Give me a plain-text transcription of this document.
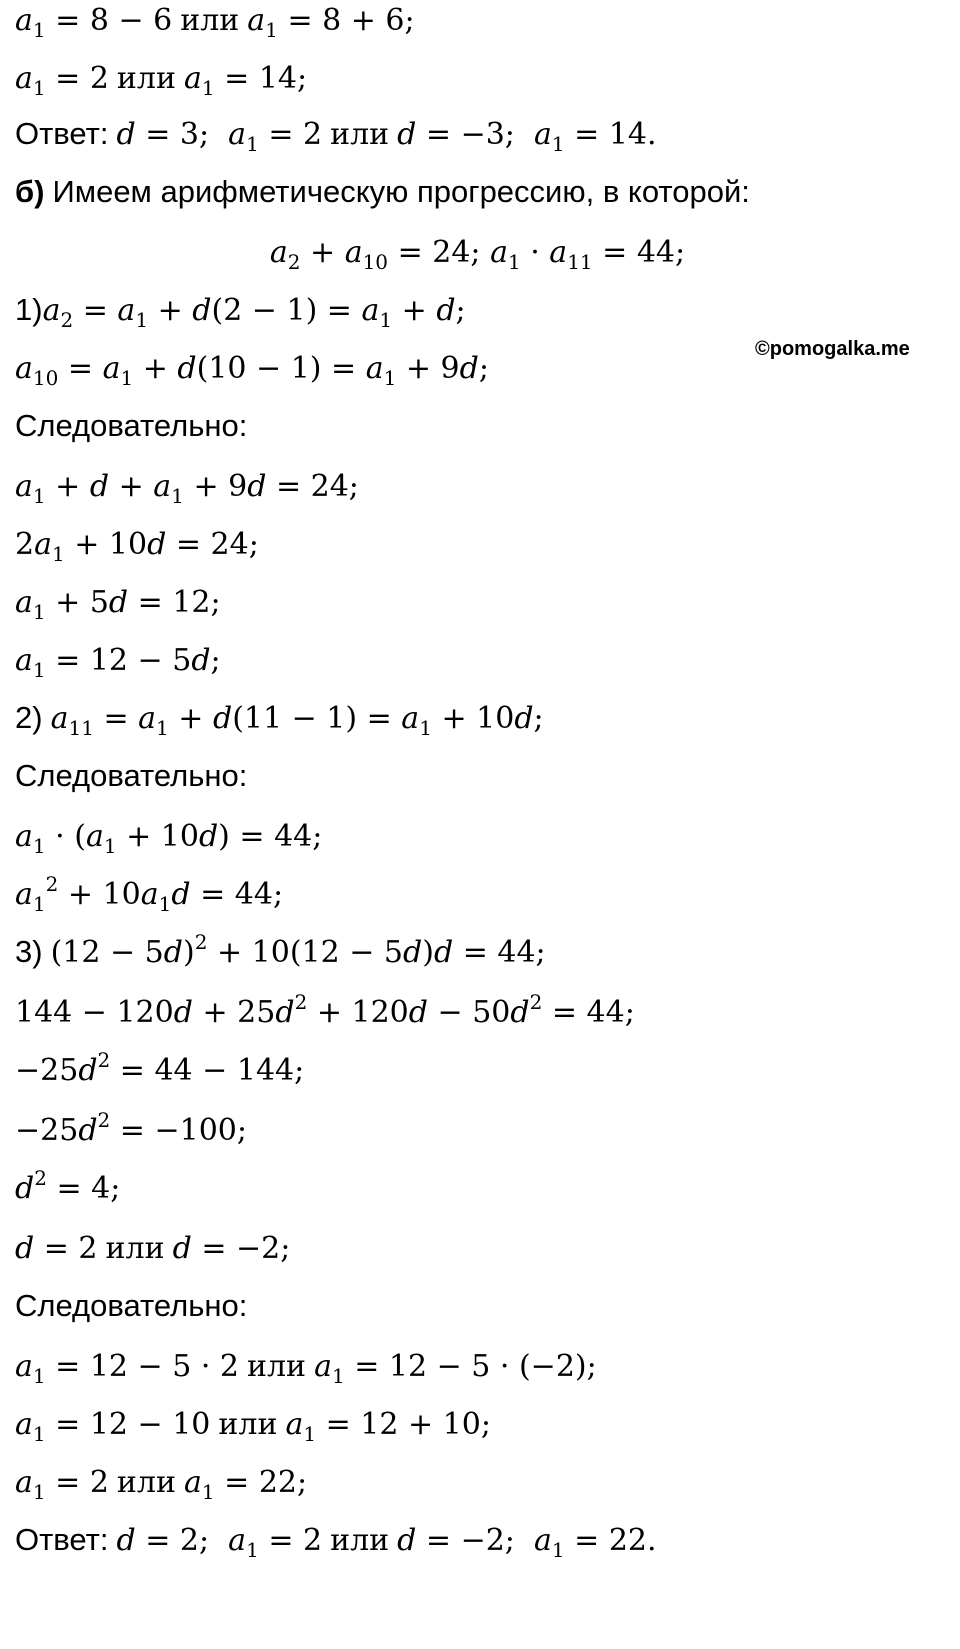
$a_1 = 8 - 6$
или
$a_1 = 8 + 6$;
$a_1 = 2$
или
$a_1 = 14$;
Ответ:
d = 3;  $a_1 = 2$
или
d = −3;  $a_1 = 14$.
б)
Имеем арифметическую прогрессию, в которой:
$a_2 + a_{10} = 24$; $a_1 \cdot a_{11} = 44$;
1) $a_2 = a_1 + d(2 - 1) = a_1 + d$;
$a_{10} = a_1 + d(10 - 1) = a_1 + 9d$;
©pomogalka.me
Следовательно:
$a_1 + d + a_1 + 9d = 24$;
$2a_1 + 10d = 24$;
$a_1 + 5d = 12$;
$a_1 = 12 - 5d$;
2)
$a_{11} = a_1 + d(11 - 1) = a_1 + 10d$;
Следовательно:
$a_1 \cdot (a_1 + 10d) = 44$;
$a_1^2 + 10a_1d = 44$;
3)
$(12 - 5d)^2 + 10(12 - 5d)d = 44$;
$144 - 120d + 25d^2 + 120d - 50d^2 = 44$;
$-25d^2 = 44 - 144$;
$-25d^2 = -100$;
$d^2 = 4$;
d = 2
или
d = −2;
Следовательно:
$a_1 = 12 - 5 \cdot 2$
или
$a_1 = 12 - 5 \cdot (-2)$;
$a_1 = 12 - 10$
или
$a_1 = 12 + 10$;
$a_1 = 2$
или
$a_1 = 22$;
Ответ:
d = 2;  $a_1 = 2$
или
d = −2;  $a_1 = 22$.
